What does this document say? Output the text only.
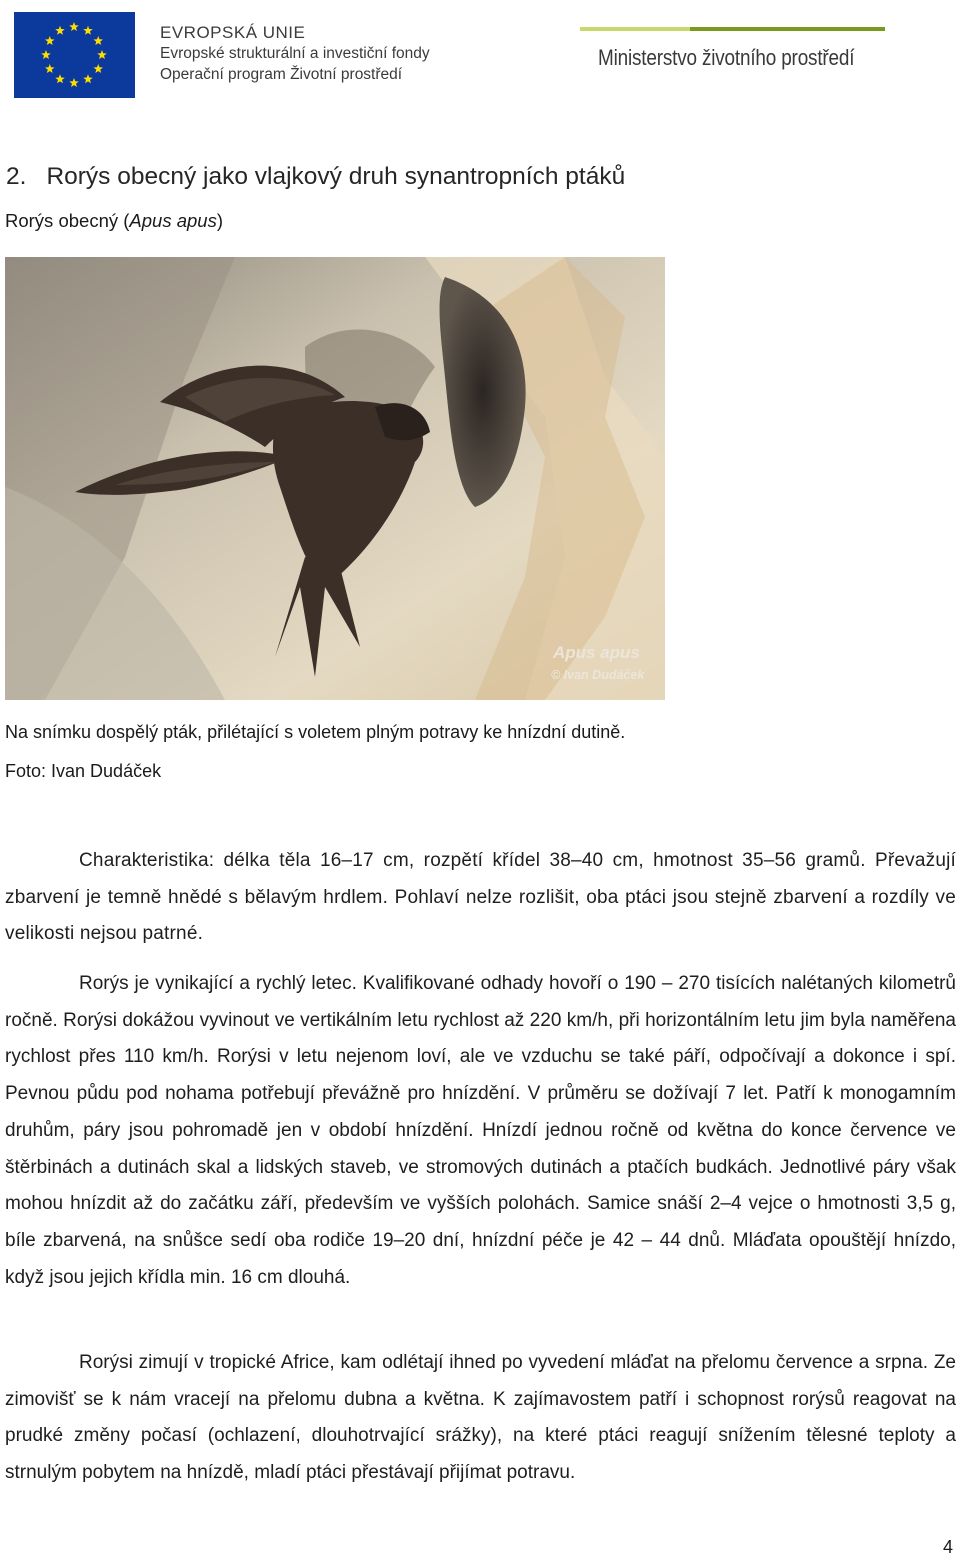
EVROPSKÁ UNIE
Evropské strukturální a investiční fondy
Operační program Životní prostředí
Ministerstvo životního prostředí
2. Rorýs obecný jako vlajkový druh synantropních ptáků
Rorýs obecný (Apus apus)
Apus apus
© Ivan Dudáček
Na snímku dospělý pták, přilétající s voletem plným potravy ke hnízdní dutině.
Foto: Ivan Dudáček

Charakteristika: délka těla 16–17 cm, rozpětí křídel 38–40 cm, hmotnost 35–56 gramů. Převažují zbarvení je temně hnědé s bělavým hrdlem. Pohlaví nelze rozlišit, oba ptáci jsou stejně zbarvení a rozdíly ve velikosti nejsou patrné.

Rorýs je vynikající a rychlý letec. Kvalifikované odhady hovoří o 190 – 270 tisících nalétaných kilometrů ročně. Rorýsi dokážou vyvinout ve vertikálním letu rychlost až 220 km/h, při horizontálním letu jim byla naměřena rychlost přes 110 km/h. Rorýsi v letu nejenom loví, ale ve vzduchu se také páří, odpočívají a dokonce i spí. Pevnou půdu pod nohama potřebují převážně pro hnízdění. V průměru se dožívají 7 let. Patří k monogamním druhům, páry jsou pohromadě jen v období hnízdění. Hnízdí jednou ročně od května do konce července ve štěrbinách a dutinách skal a lidských staveb, ve stromových dutinách a ptačích budkách. Jednotlivé páry však mohou hnízdit až do začátku září, především ve vyšších polohách. Samice snáší 2–4 vejce o hmotnosti 3,5 g, bíle zbarvená, na snůšce sedí oba rodiče 19–20 dní, hnízdní péče je 42 – 44 dnů. Mláďata opouštějí hnízdo, když jsou jejich křídla min. 16 cm dlouhá.

Rorýsi zimují v tropické Africe, kam odlétají ihned po vyvedení mláďat na přelomu července a srpna. Ze zimovišť se k nám vracejí na přelomu dubna a května. K zajímavostem patří i schopnost rorýsů reagovat na prudké změny počasí (ochlazení, dlouhotrvající srážky), na které ptáci reagují snížením tělesné teploty a strnulým pobytem na hnízdě, mladí ptáci přestávají přijímat potravu.

4
